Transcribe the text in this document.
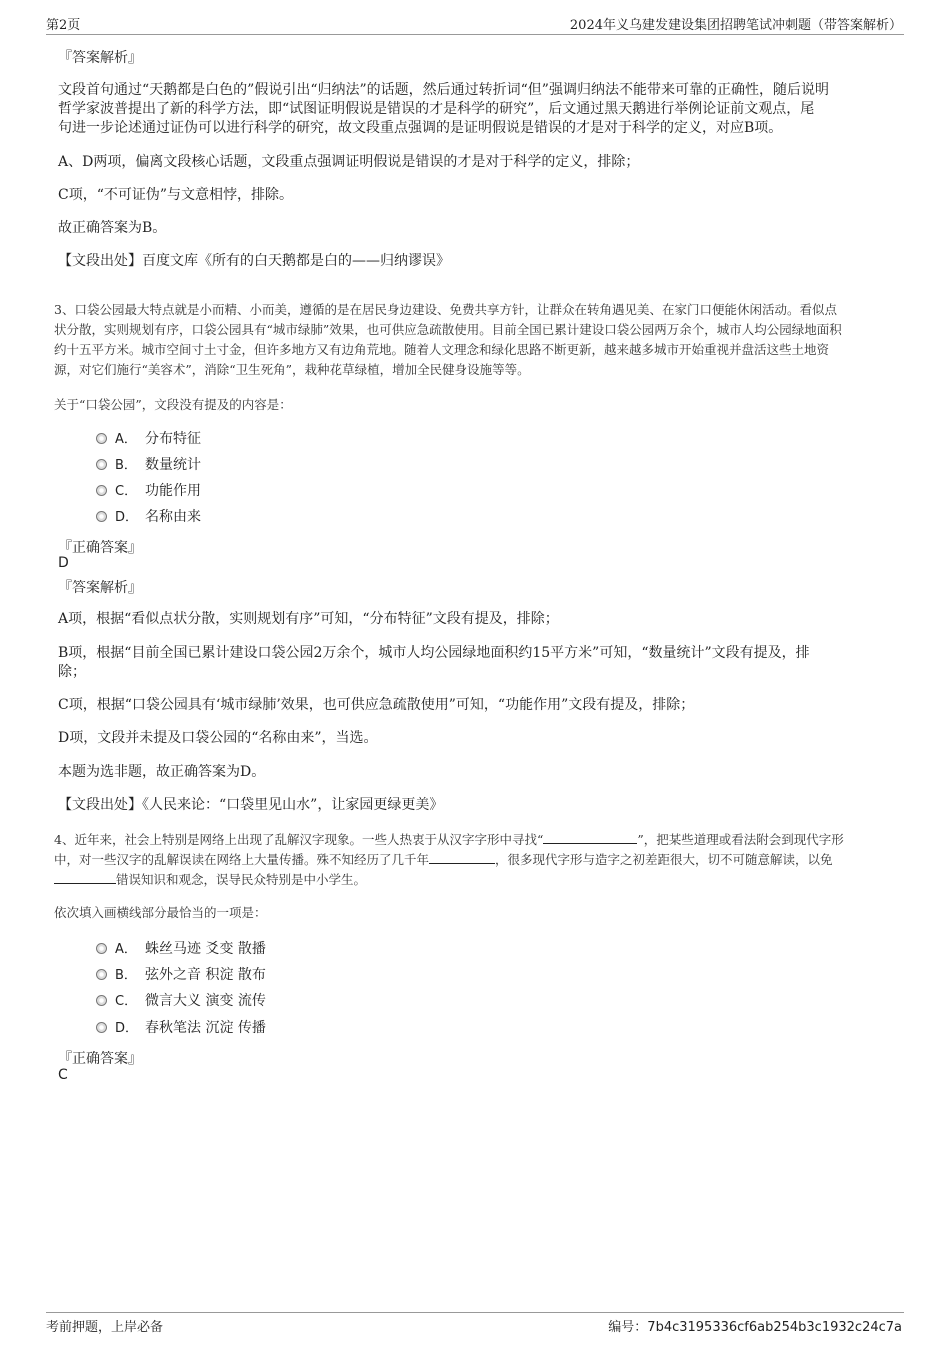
第2页	2024年义乌建发建设集团招聘笔试冲刺题（带答案解析）
『答案解析』
文段首句通过“天鹅都是白色的”假说引出“归纳法”的话题，然后通过转折词“但”强调归纳法不能带来可靠的正确性，随后说明
哲学家波普提出了新的科学方法，即“试图证明假说是错误的才是科学的研究”，后文通过黑天鹅进行举例论证前文观点，尾
句进一步论述通过证伪可以进行科学的研究，故文段重点强调的是证明假说是错误的才是对于科学的定义，对应B项。
A、D两项，偏离文段核心话题，文段重点强调证明假说是错误的才是对于科学的定义，排除；
C项，“不可证伪”与文意相悖，排除。
故正确答案为B。
【文段出处】百度文库《所有的白天鹅都是白的——归纳谬误》
3、口袋公园最大特点就是小而精、小而美，遵循的是在居民身边建设、免费共享方针，让群众在转角遇见美、在家门口便能休闲活动。看似点
状分散，实则规划有序，口袋公园具有“城市绿肺”效果，也可供应急疏散使用。目前全国已累计建设口袋公园两万余个，城市人均公园绿地面积
约十五平方米。城市空间寸土寸金，但许多地方又有边角荒地。随着人文理念和绿化思路不断更新，越来越多城市开始重视并盘活这些土地资
源，对它们施行“美容术”，消除“卫生死角”，栽种花草绿植，增加全民健身设施等等。
关于“口袋公园”，文段没有提及的内容是：
A． 分布特征
B． 数量统计
C． 功能作用
D． 名称由来
『正确答案』
D
『答案解析』
A项，根据“看似点状分散，实则规划有序”可知，“分布特征”文段有提及，排除；
B项，根据“目前全国已累计建设口袋公园2万余个，城市人均公园绿地面积约15平方米”可知，“数量统计”文段有提及，排
除；
C项，根据“口袋公园具有‘城市绿肺’效果，也可供应急疏散使用”可知，“功能作用”文段有提及，排除；
D项，文段并未提及口袋公园的“名称由来”，当选。
本题为选非题，故正确答案为D。
【文段出处】《人民来论：“口袋里见山水”，让家园更绿更美》
4、近年来，社会上特别是网络上出现了乱解汉字现象。一些人热衷于从汉字字形中寻找“	”，把某些道理或看法附会到现代字形
中，对一些汉字的乱解误读在网络上大量传播。殊不知经历了几千年	，很多现代字形与造字之初差距很大，切不可随意解读，以免
错误知识和观念，误导民众特别是中小学生。
依次填入画横线部分最恰当的一项是：
A． 蛛丝马迹 爻变 散播
B． 弦外之音 积淀 散布
C． 微言大义 演变 流传
D． 春秋笔法 沉淀 传播
『正确答案』
C
考前押题，上岸必备	编号：7b4c3195336cf6ab254b3c1932c24c7a
